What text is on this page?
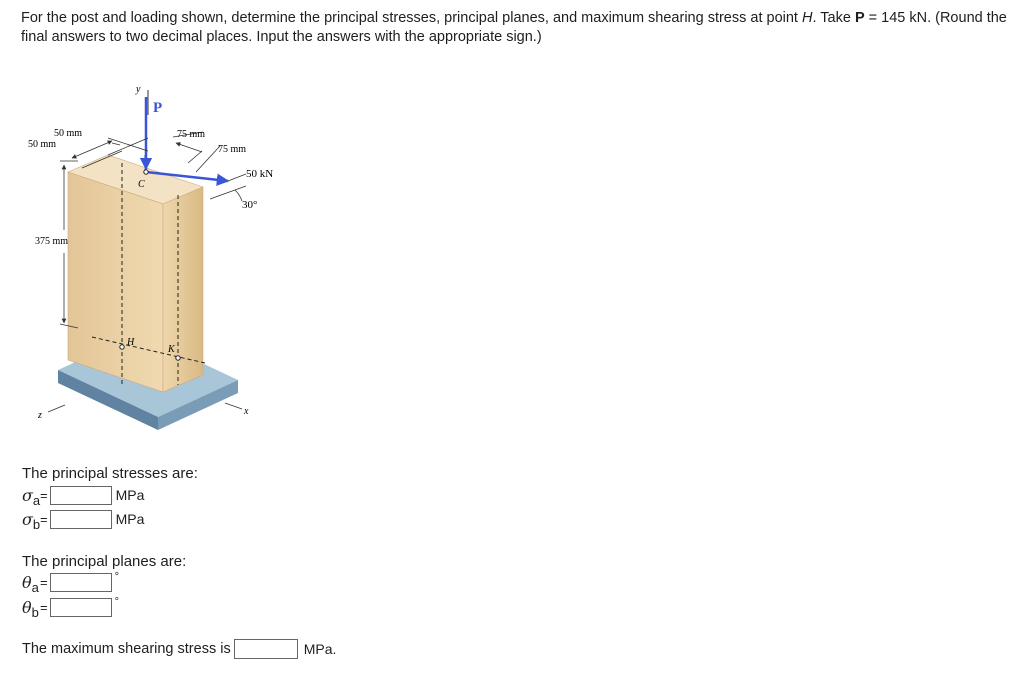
For the post and loading shown, determine the principal stresses, principal planes, and maximum shearing stress at point H. Take P = 145 kN. (Round the final answers to two decimal places. Input the answers with the appropriate sign.)
y
P
50 kN
30°
C
50 mm
50 mm
75 mm
75 mm
375 mm
H
K
z	x
The principal stresses are:
$\sigma_a$ =	MPa
$\sigma_b$ =	MPa
The principal planes are:
$\theta_a$ =	°
$\theta_b$ =	°
The maximum shearing stress is	MPa.
